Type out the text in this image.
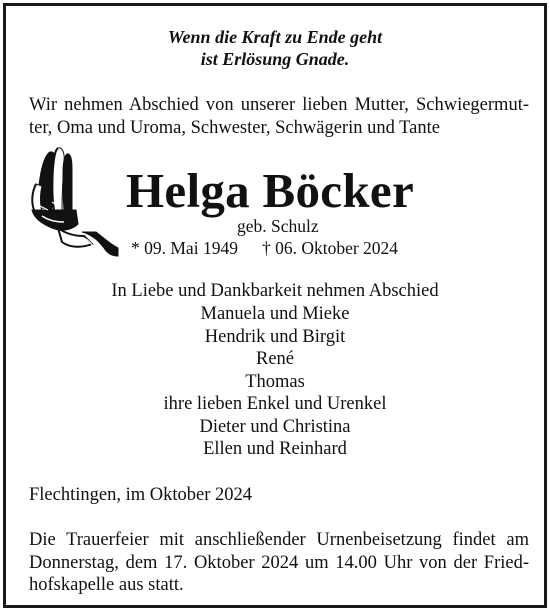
Wenn die Kraft zu Ende geht
ist Erlösung Gnade.
Wir nehmen Abschied von unserer lieben Mutter, Schwiegermut-
ter, Oma und Uroma, Schwester, Schwägerin und Tante
Helga Böcker
geb. Schulz
* 09. Mai 1949 † 06. Oktober 2024
In Liebe und Dankbarkeit nehmen Abschied
Manuela und Mieke
Hendrik und Birgit
René
Thomas
ihre lieben Enkel und Urenkel
Dieter und Christina
Ellen und Reinhard
Flechtingen, im Oktober 2024
Die Trauerfeier mit anschließender Urnenbeisetzung findet am
Donnerstag, dem 17. Oktober 2024 um 14.00 Uhr von der Fried-
hofskapelle aus statt.
